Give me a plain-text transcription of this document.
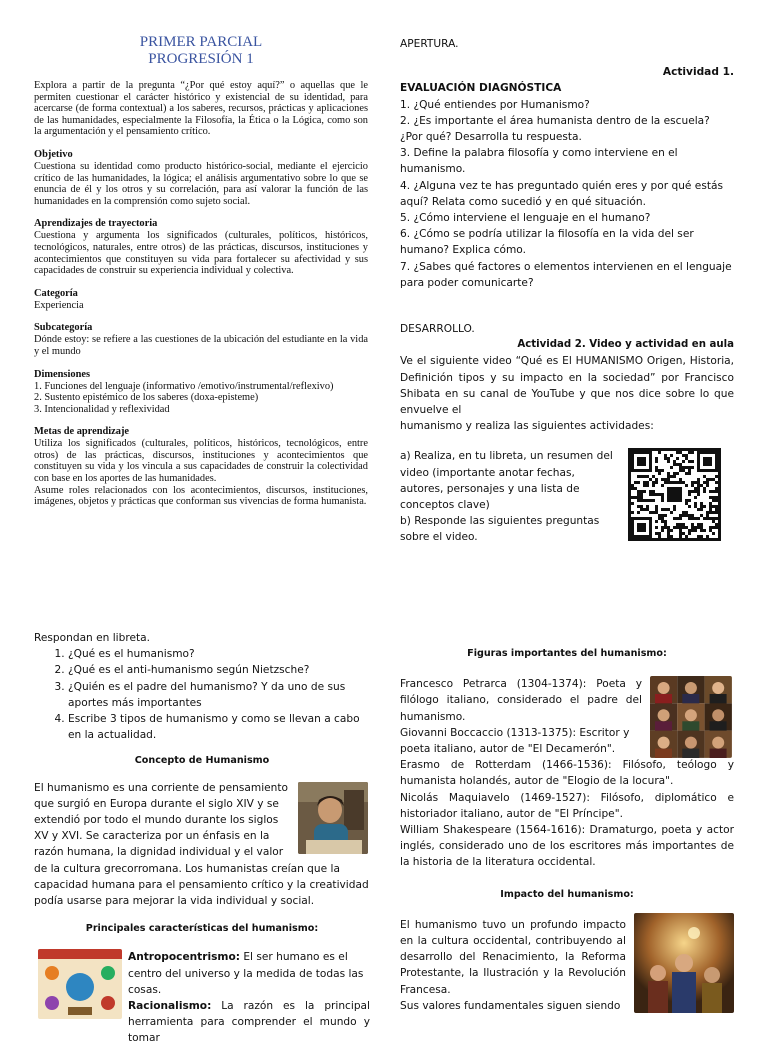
PRIMER PARCIAL
PROGRESIÓN 1

Explora a partir de la pregunta “¿Por qué estoy aquí?” o aquellas que le permiten cuestionar el carácter histórico y existencial de su identidad, para acercarse (de forma contextual) a los saberes, recursos, prácticas y aplicaciones de las humanidades, especialmente la Filosofía, la Ética o la Lógica, como son la argumentación y el pensamiento crítico.

Objetivo

Cuestiona su identidad como producto histórico-social, mediante el ejercicio crítico de las humanidades, la lógica; el análisis argumentativo sobre lo que se enuncia de él y los otros y su correlación, para así valorar la función de las humanidades en la comprensión como sujeto social.

Aprendizajes de trayectoria

Cuestiona y argumenta los significados (culturales, políticos, históricos, tecnológicos, naturales, entre otros) de las prácticas, discursos, instituciones y acontecimientos que constituyen su vida para fortalecer su afectividad y sus capacidades de construir su experiencia individual y colectiva.

Categoría

Experiencia

Subcategoría

Dónde estoy: se refiere a las cuestiones de la ubicación del estudiante en la vida y el mundo

Dimensiones

1. Funciones del lenguaje (informativo /emotivo/instrumental/reflexivo)

2. Sustento epistémico de los saberes (doxa-episteme)

3. Intencionalidad y reflexividad

Metas de aprendizaje

Utiliza los significados (culturales, políticos, históricos, tecnológicos, entre otros) de las prácticas, discursos, instituciones y acontecimientos que constituyen su vida y los vincula a sus capacidades de construir la colectividad con base en los aportes de las humanidades.

Asume roles relacionados con los acontecimientos, discursos, instituciones, imágenes, objetos y prácticas que conforman sus vivencias de forma humanista.

APERTURA.

Actividad 1.

EVALUACIÓN DIAGNÓSTICA

1. ¿Qué entiendes por Humanismo?

2. ¿Es importante el área humanista dentro de la escuela? ¿Por qué? Desarrolla tu respuesta.

3. Define la palabra filosofía y como interviene en el humanismo.

4. ¿Alguna vez te has preguntado quién eres y por qué estás aquí? Relata como sucedió y en qué situación.

5. ¿Cómo interviene el lenguaje en el humano?

6. ¿Cómo se podría utilizar la filosofía en la vida del ser humano? Explica cómo.

7. ¿Sabes qué factores o elementos intervienen en el lenguaje para poder comunicarte?

DESARROLLO.

Actividad 2. Video y actividad en aula

Ve el siguiente video “Qué es El HUMANISMO Origen, Historia, Definición tipos y su impacto en la sociedad” por Francisco Shibata en su canal de YouTube y que nos dice sobre lo que envuelve el

humanismo y realiza las siguientes actividades:

a) Realiza, en tu libreta, un resumen del video (importante anotar fechas, autores, personajes y una lista de conceptos clave)

b) Responde las siguientes preguntas sobre el video.

Respondan en libreta.

1. ¿Qué es el humanismo?
2. ¿Qué es el anti-humanismo según Nietzsche?
3. ¿Quién es el padre del humanismo? Y da uno de sus aportes más importantes
4. Escribe 3 tipos de humanismo y como se llevan a cabo en la actualidad.

Concepto de Humanismo

El humanismo es una corriente de pensamiento que surgió en Europa durante el siglo XIV y se extendió por todo el mundo durante los siglos XV y XVI. Se caracteriza por un énfasis en la razón humana, la dignidad individual y el valor

de la cultura grecorromana. Los humanistas creían que la capacidad humana para el pensamiento crítico y la creatividad podía usarse para mejorar la vida individual y social.

Principales características del humanismo:

Antropocentrismo: El ser humano es el centro del universo y la medida de todas las cosas.

Racionalismo: La razón es la principal herramienta para comprender el mundo y tomar

Figuras importantes del humanismo:

Francesco Petrarca (1304-1374): Poeta y filólogo italiano, considerado el padre del humanismo.

Giovanni Boccaccio (1313-1375): Escritor y poeta italiano, autor de "El Decamerón".

Erasmo de Rotterdam (1466-1536): Filósofo, teólogo y humanista holandés, autor de "Elogio de la locura".

Nicolás Maquiavelo (1469-1527): Filósofo, diplomático e historiador italiano, autor de "El Príncipe".

William Shakespeare (1564-1616): Dramaturgo, poeta y actor inglés, considerado uno de los escritores más importantes de la historia de la literatura occidental.

Impacto del humanismo:

El humanismo tuvo un profundo impacto en la cultura occidental, contribuyendo al desarrollo del Renacimiento, la Reforma Protestante, la Ilustración y la Revolución Francesa.

Sus valores fundamentales siguen siendo
